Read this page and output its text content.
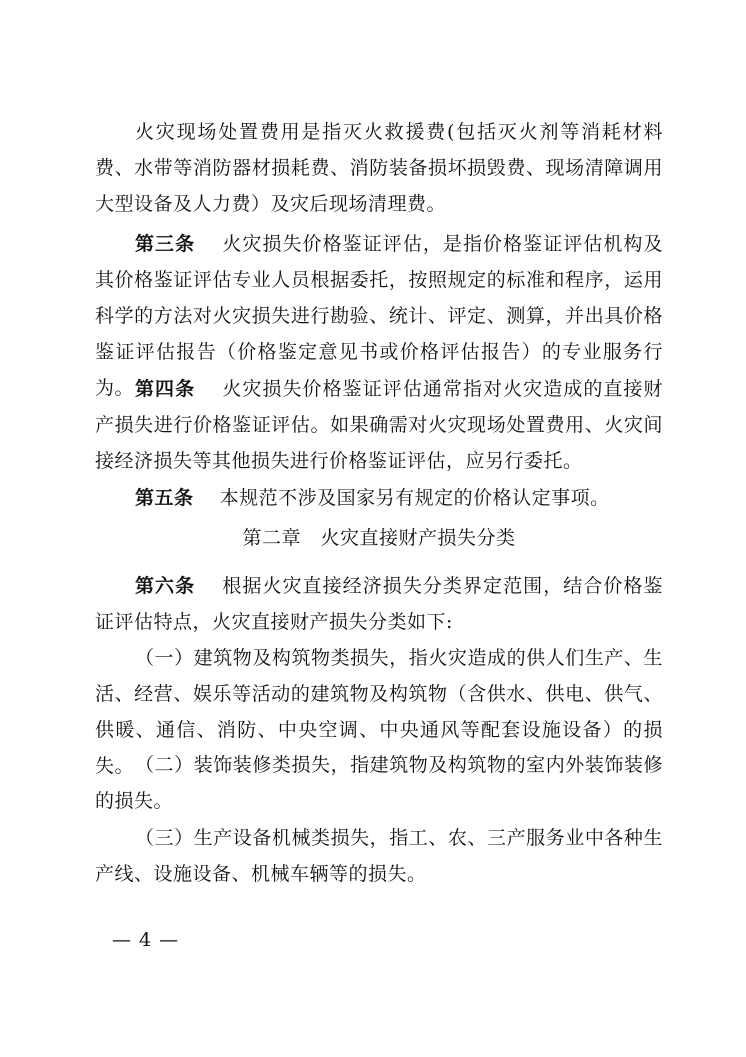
火灾现场处置费用是指灭火救援费(包括灭火剂等消耗材料费、水带等消防器材损耗费、消防装备损坏损毁费、现场清障调用大型设备及人力费）及灾后现场清理费。

第三条　 火灾损失价格鉴证评估，是指价格鉴证评估机构及其价格鉴证评估专业人员根据委托，按照规定的标准和程序，运用科学的方法对火灾损失进行勘验、统计、评定、测算，并出具价格鉴证评估报告（价格鉴定意见书或价格评估报告）的专业服务行为。 第四条　 火灾损失价格鉴证评估通常指对火灾造成的直接财产损失进行价格鉴证评估。如果确需对火灾现场处置费用、火灾间接经济损失等其他损失进行价格鉴证评估，应另行委托。

第五条　 本规范不涉及国家另有规定的价格认定事项。

第二章　火灾直接财产损失分类

第六条　 根据火灾直接经济损失分类界定范围，结合价格鉴证评估特点，火灾直接财产损失分类如下:

（一）建筑物及构筑物类损失，指火灾造成的供人们生产、生活、经营、娱乐等活动的建筑物及构筑物（含供水、供电、供气、供暖、通信、消防、中央空调、中央通风等配套设施设备）的损失。 （二）装饰装修类损失，指建筑物及构筑物的室内外装饰装修的损失。

（三）生产设备机械类损失，指工、农、三产服务业中各种生产线、设施设备、机械车辆等的损失。

— 4 —
